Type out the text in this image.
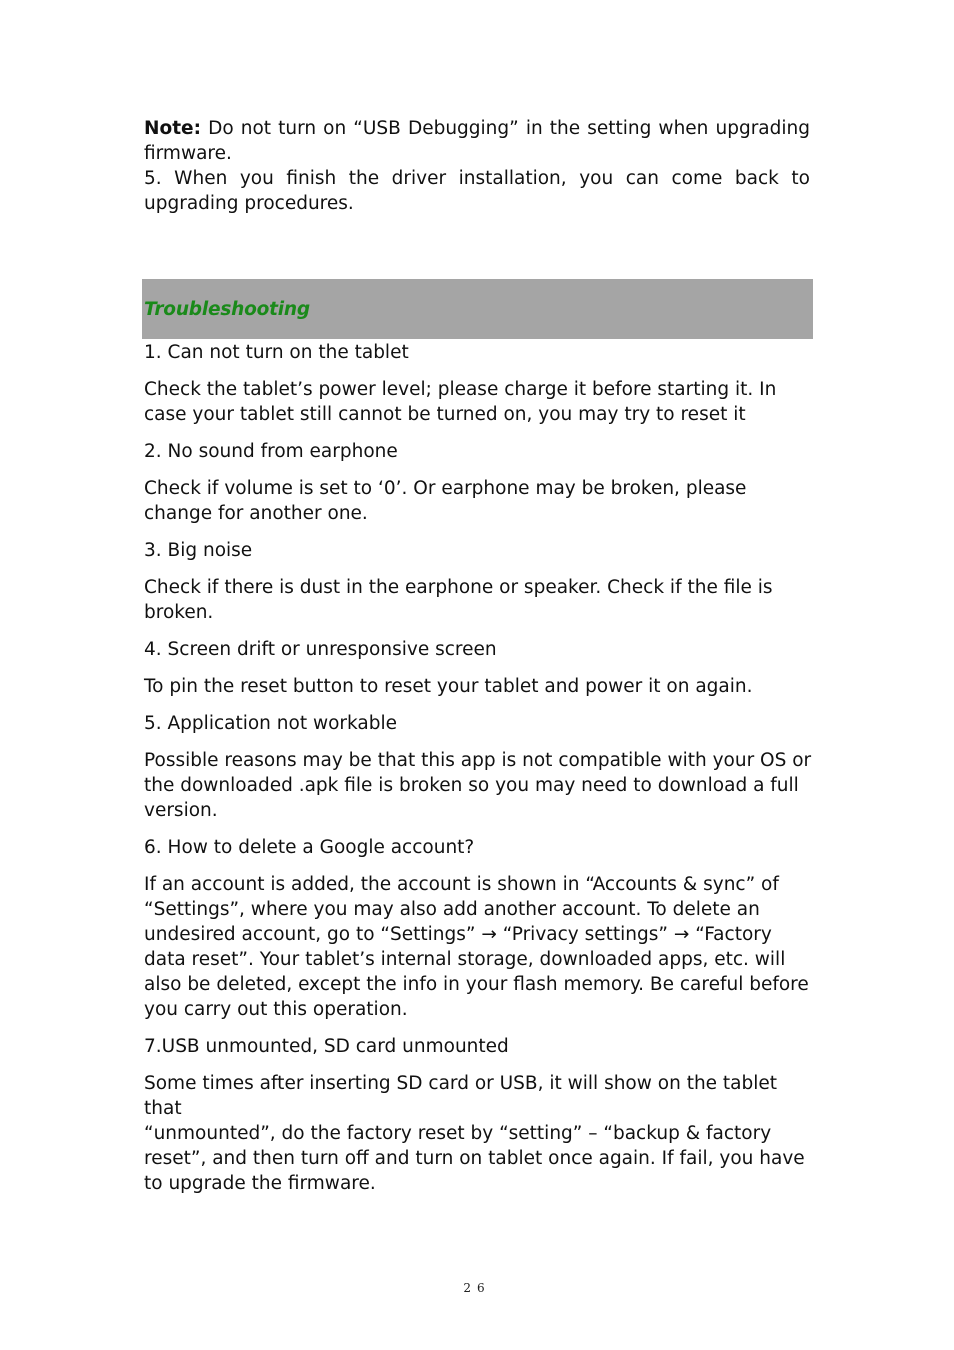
Note: Do not turn on “USB Debugging” in the setting when upgrading firmware.

5. When you finish the driver installation, you can come back to upgrading procedures.

Troubleshooting

1. Can not turn on the tablet

Check the tablet’s power level; please charge it before starting it. In
case your tablet still cannot be turned on, you may try to reset it

2. No sound from earphone

Check if volume is set to ‘0’. Or earphone may be broken, please
change for another one.

3. Big noise

Check if there is dust in the earphone or speaker. Check if the file is
broken.

4. Screen drift or unresponsive screen

To pin the reset button to reset your tablet and power it on again.

5. Application not workable

Possible reasons may be that this app is not compatible with your OS or
the downloaded .apk file is broken so you may need to download a full
version.

6. How to delete a Google account?

If an account is added, the account is shown in “Accounts & sync” of
“Settings”, where you may also add another account. To delete an
undesired account, go to “Settings” → “Privacy settings” → “Factory
data reset”. Your tablet’s internal storage, downloaded apps, etc. will
also be deleted, except the info in your flash memory. Be careful before
you carry out this operation.

7.USB unmounted, SD card unmounted

Some times after inserting SD card or USB, it will show on the tablet that
“unmounted”, do the factory reset by “setting” – “backup & factory
reset”, and then turn off and turn on tablet once again. If fail, you have
to upgrade the firmware.

26
